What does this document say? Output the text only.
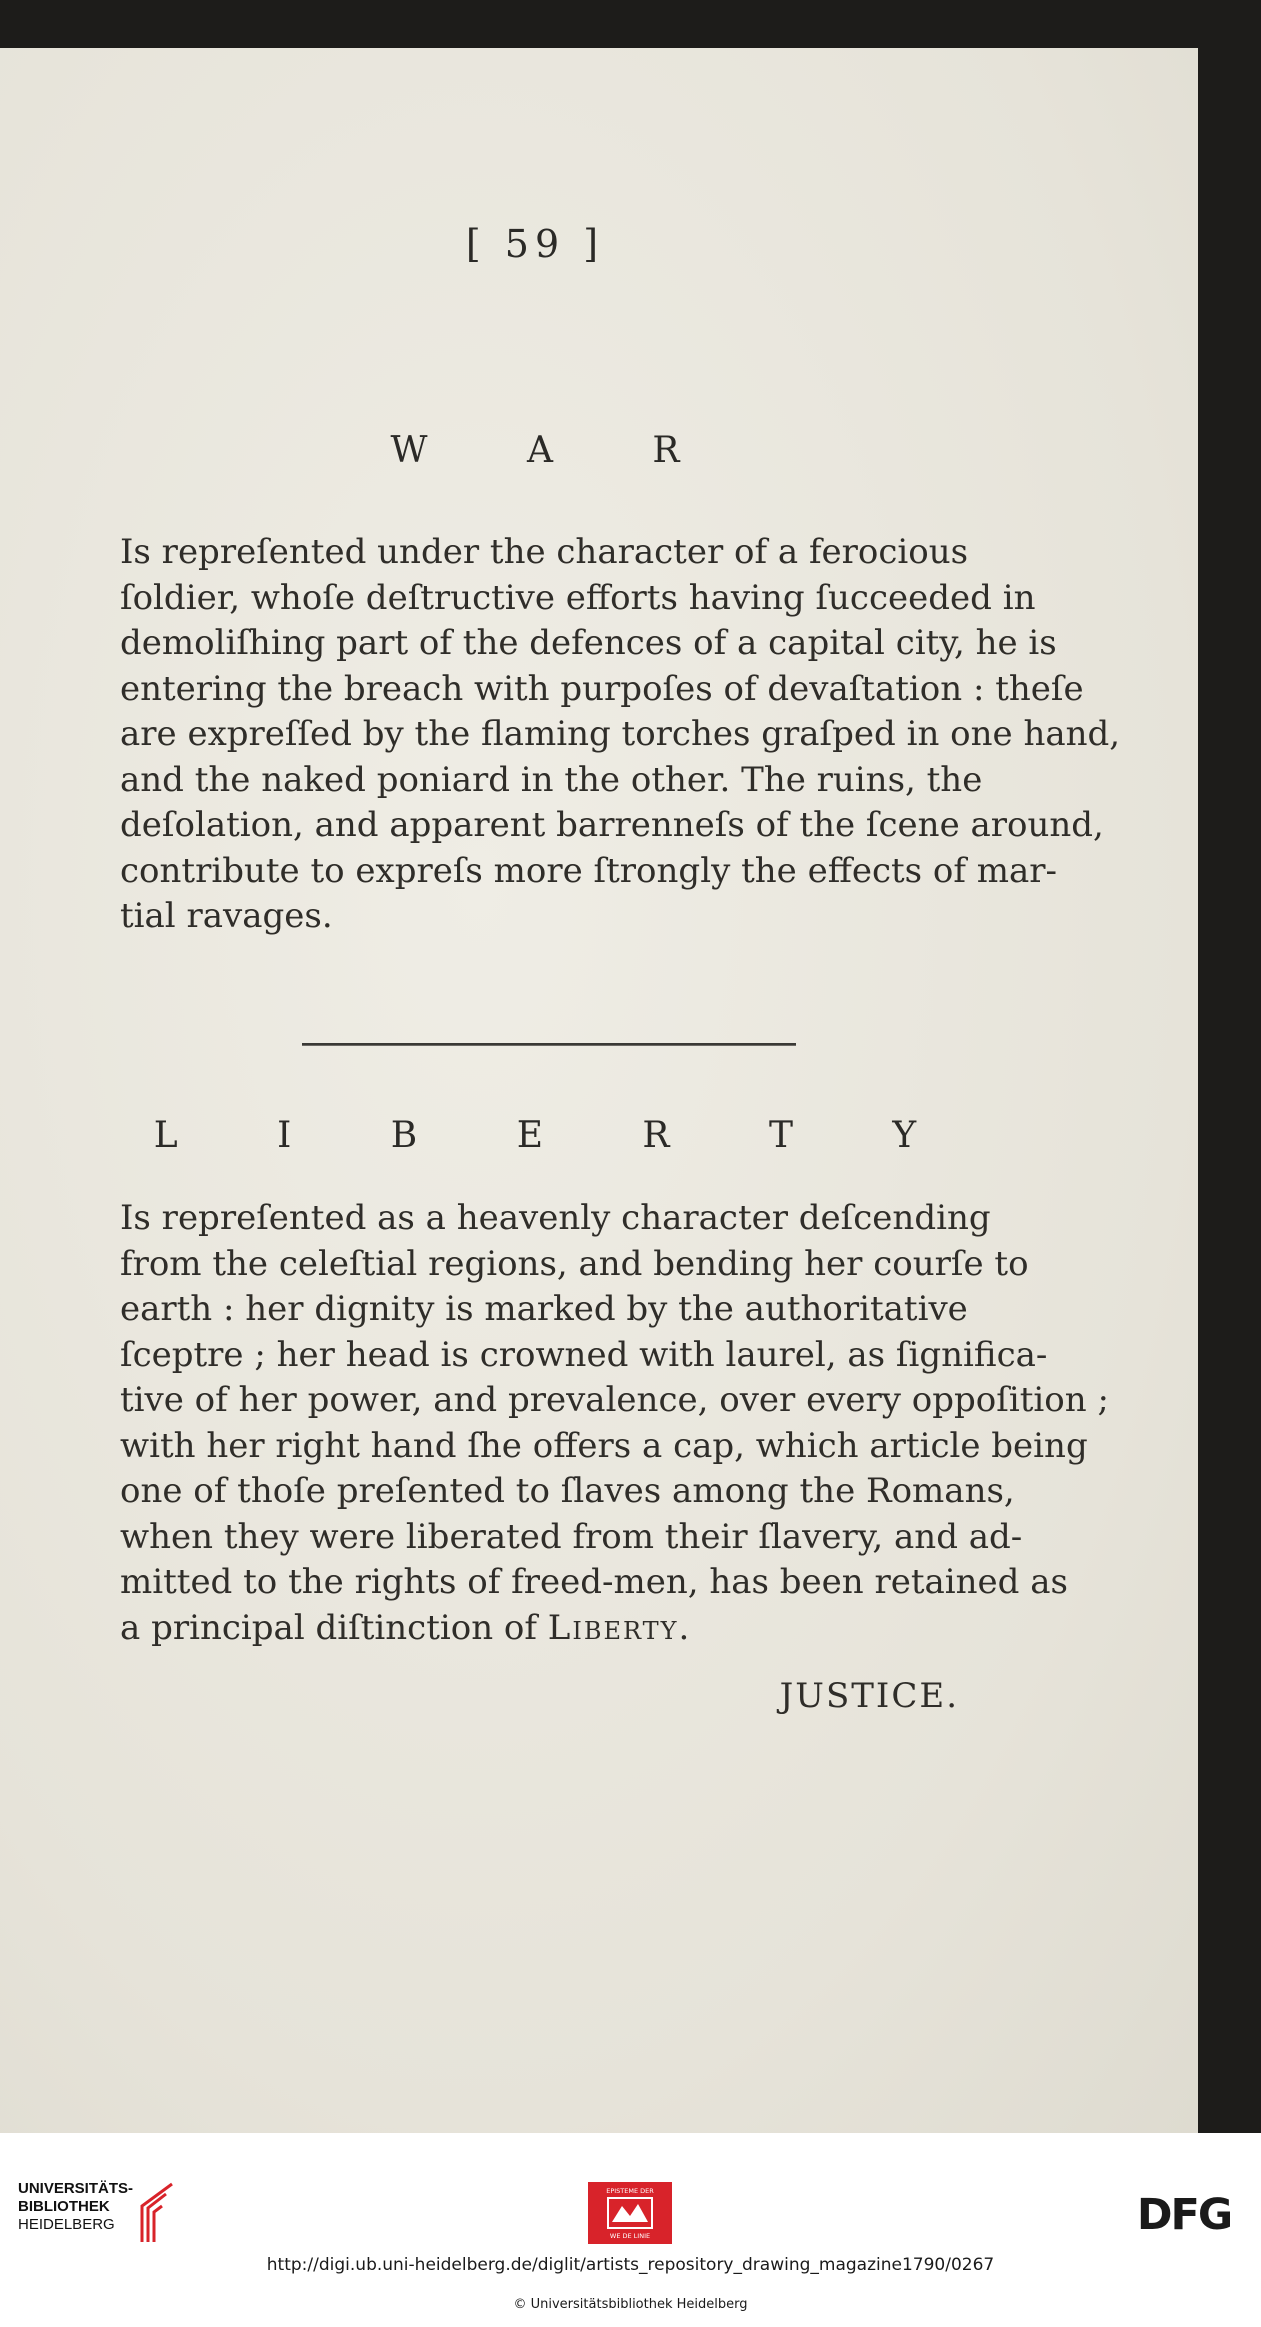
[ 59 ]
W A R
Is repreſented under the character of a ferocious
ſoldier, whoſe deſtructive efforts having ſucceeded in
demoliſhing part of the defences of a capital city, he is
entering the breach with purpoſes of devaſtation : theſe
are expreſſed by the flaming torches graſped in one hand,
and the naked poniard in the other. The ruins, the
deſolation, and apparent barrenneſs of the ſcene around,
contribute to expreſs more ſtrongly the effects of mar-
tial ravages.
L I B E R T Y
Is repreſented as a heavenly character deſcending
from the celeſtial regions, and bending her courſe to
earth : her dignity is marked by the authoritative
ſceptre ; her head is crowned with laurel, as ſignifica-
tive of her power, and prevalence, over every oppoſition ;
with her right hand ſhe offers a cap, which article being
one of thoſe preſented to ſlaves among the Romans,
when they were liberated from their ſlavery, and ad-
mitted to the rights of freed-men, has been retained as
a principal diſtinction of Liberty.
JUSTICE.
UNIVERSITÄTS-
BIBLIOTHEK
HEIDELBERG
EPISTEME DER
WE DE LINIE	DFG
http://digi.ub.uni-heidelberg.de/diglit/artists_repository_drawing_magazine1790/0267
© Universitätsbibliothek Heidelberg
